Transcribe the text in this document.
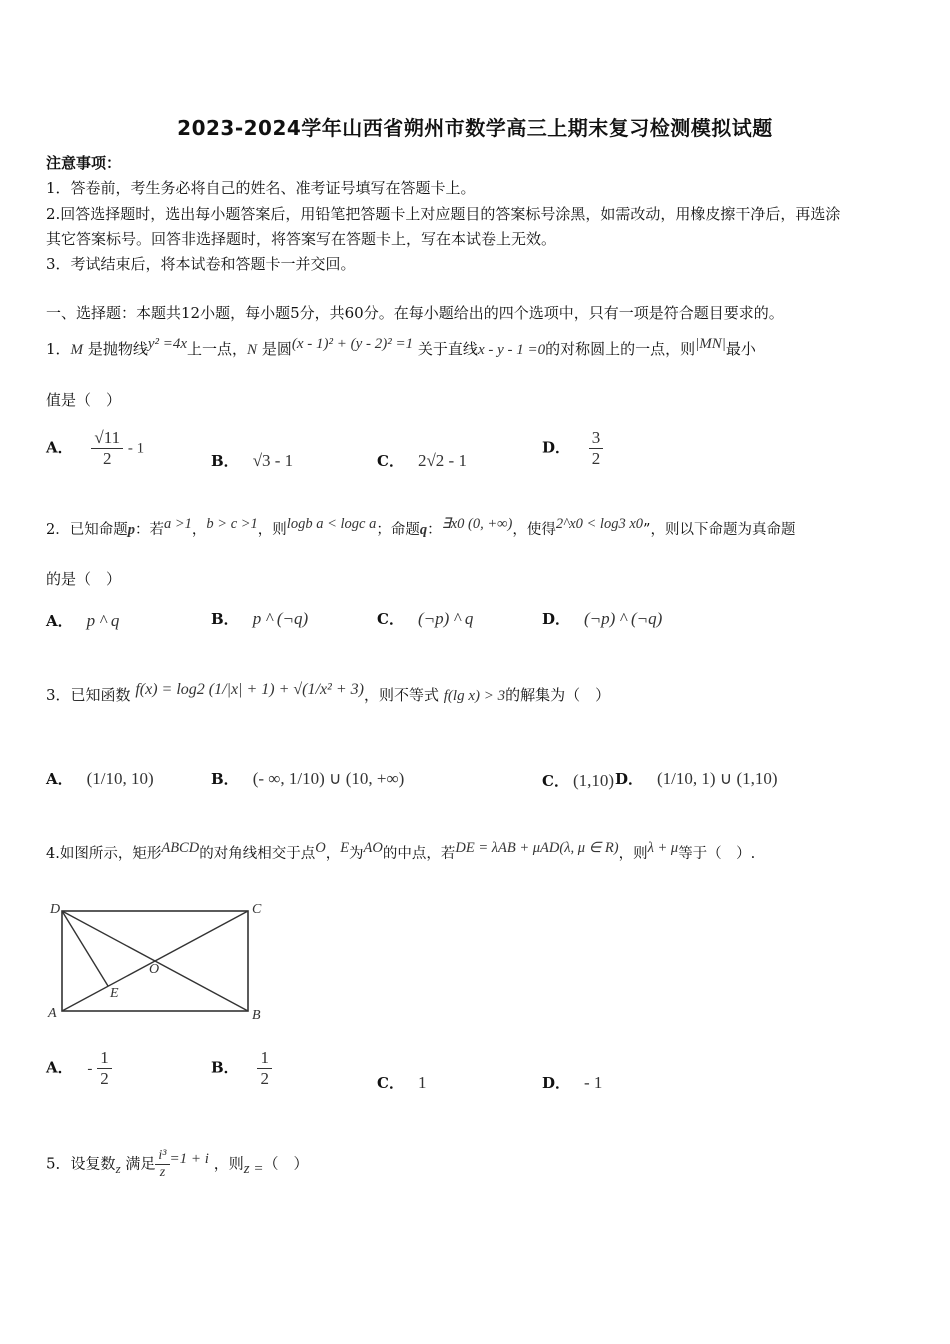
2023-2024学年山西省朔州市数学高三上期末复习检测模拟试题
注意事项：
1．答卷前，考生务必将自己的姓名、准考证号填写在答题卡上。
2.回答选择题时，选出每小题答案后，用铅笔把答题卡上对应题目的答案标号涂黑，如需改动，用橡皮擦干净后，再选涂
其它答案标号。回答非选择题时，将答案写在答题卡上，写在本试卷上无效。
3．考试结束后，将本试卷和答题卡一并交回。
一、选择题：本题共12小题，每小题5分，共60分。在每小题给出的四个选项中，只有一项是符合题目要求的。
1．M 是抛物线y² =4x上一点，N 是圆(x - 1)² + (y - 2)² =1 关于直线x - y - 1 =0的对称圆上的一点，则|MN|最小
值是（　）
A． $\frac{√11}{2} - 1$
B． √3 - 1	C． 2√2 - 1
D． $\frac{3}{2}$
2．已知命题p：若a >1，b > c >1，则logb a < logc a；命题q：∃x0 (0, +∞)，使得2^x0 < log3 x0”，则以下命题为真命题
的是（　）
A． p ^ q	B． p ^ (¬q)	C． (¬p) ^ q	D． (¬p) ^ (¬q)
3．已知函数 f(x) = log2 (1/|x| + 1) + √(1/x² + 3)，则不等式 f(lg x) > 3的解集为（　）
A． (1/10, 10)	B． (- ∞, 1/10) ∪ (10, +∞)	C． (1,10) D． (1/10, 1) ∪ (1,10)
4.如图所示，矩形ABCD的对角线相交于点O，E为AO的中点，若DE = λAB + μAD(λ, μ ∈ R)，则λ + μ等于（　）.
D	C
A	B
O
E
A． - $\frac{1}{2}$	B． $\frac{1}{2}$	C． 1	D． - 1
5．设复数z 满足 $\frac{\text{i³}}{z} =1 + i$ ，则z =（　）
